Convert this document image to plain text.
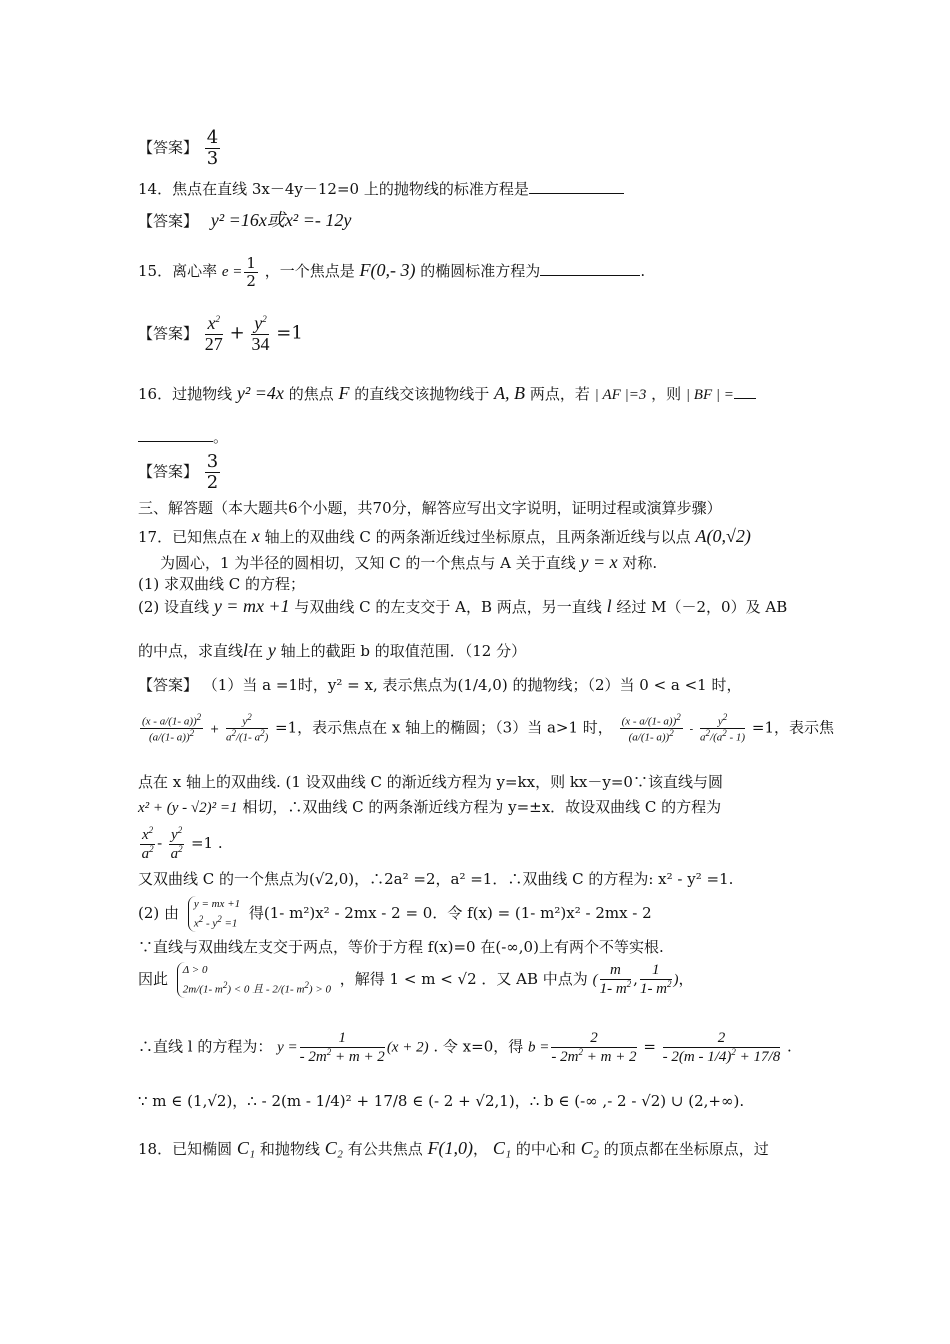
【答案】 $\frac{4}{3}$
14．焦点在直线 3x－4y－12=0 上的抛物线的标准方程是
【答案】 y² =16x或x² =- 12y
15．离心率 $e = \frac{1}{2}$ ，一个焦点是 F(0,- 3) 的椭圆标准方程为	.
【答案】 $\frac{x^2}{27} + \frac{y^2}{34} =1$
16．过抛物线 y² =4x 的焦点 F 的直线交该抛物线于 A, B 两点，若 | AF |=3 ，则 | BF | =
。
【答案】 $\frac{3}{2}$
三、解答题（本大题共6个小题，共70分，解答应写出文字说明，证明过程或演算步骤）
17．已知焦点在 x 轴上的双曲线 C 的两条渐近线过坐标原点，且两条渐近线与以点 A(0,√2)
为圆心，1 为半径的圆相切，又知 C 的一个焦点与 A 关于直线 y = x 对称.
(1) 求双曲线 C 的方程；
(2) 设直线 y = mx +1 与双曲线 C 的左支交于 A，B 两点，另一直线 l 经过 M（－2，0）及 AB
的中点，求直线l在 y 轴上的截距 b 的取值范围．（12 分）
【答案】 （1）当 a =1时，y² = x, 表示焦点为(1/4,0) 的抛物线；（2）当 0 < a <1 时，
$\frac{(x - a/(1- a))^2}{(a/(1- a))^2} + \frac{y^2}{a^2/(1- a^2)} =1$，表示焦点在 x 轴上的椭圆；（3）当 a>1 时， $\frac{(x - a/(1- a))^2}{(a/(1- a))^2} - \frac{y^2}{a^2/(a^2 - 1)} =1$，表示焦
点在 x 轴上的双曲线. (1 设双曲线 C 的渐近线方程为 y=kx，则 kx－y=0∵该直线与圆
x² + (y - √2)² =1 相切，∴双曲线 C 的两条渐近线方程为 y=±x．故设双曲线 C 的方程为
$\frac{x^2}{a^2} - \frac{y^2}{a^2} =1$ .
又双曲线 C 的一个焦点为(√2,0)，∴2a² =2，a² =1．∴双曲线 C 的方程为: x² - y² =1.
(2) 由 y = mx +1
$x^2 - y^2 =1$
得(1- m²)x² - 2mx - 2 = 0．令 f(x) = (1- m²)x² - 2mx - 2
∵直线与双曲线左支交于两点，等价于方程 f(x)=0 在(-∞,0)上有两个不等实根.
因此 Δ > 0
2m/(1- $m^2) < 0$ 且 - 2/(1- $m^2) > 0$
，解得 1 < m < √2 ．又 AB 中点为 ( $\frac{m}{1- m^2}$ , $\frac{1}{1- m^2}$ )，
∴直线 l 的方程为： $y = \frac{1}{- 2m^2 + m + 2} (x + 2)$ . 令 x=0，得 $b = \frac{2}{- 2m^2 + m + 2} = \frac{2}{- 2(m - 1/4)^2 + 17/8}$ .
∵ m ∈ (1,√2)，∴ - 2(m - 1/4)² + 17/8 ∈ (- 2 + √2,1)，∴ b ∈ (-∞ ,- 2 - √2) ∪ (2,+∞).
18．已知椭圆 C₁ 和抛物线 C₂ 有公共焦点 F(1,0)， C₁ 的中心和 C₂ 的顶点都在坐标原点，过
